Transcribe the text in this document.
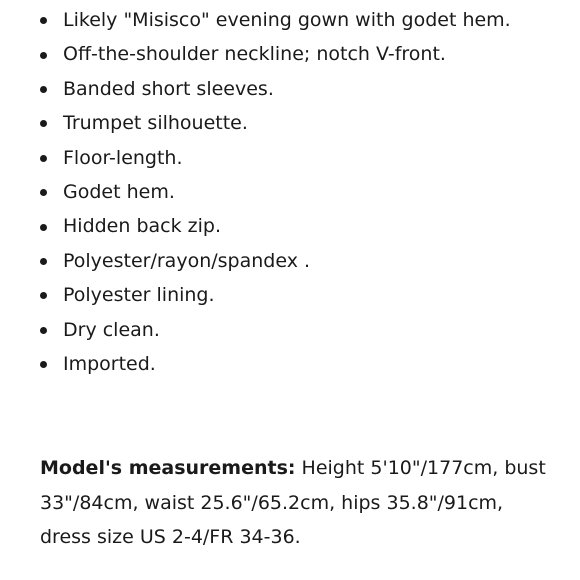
Likely "Misisco" evening gown with godet hem.
Off-the-shoulder neckline; notch V-front.
Banded short sleeves.
Trumpet silhouette.
Floor-length.
Godet hem.
Hidden back zip.
Polyester/rayon/spandex .
Polyester lining.
Dry clean.
Imported.

Model's measurements: Height 5'10"/177cm, bust 33"/84cm, waist 25.6"/65.2cm, hips 35.8"/91cm, dress size US 2-4/FR 34-36.
